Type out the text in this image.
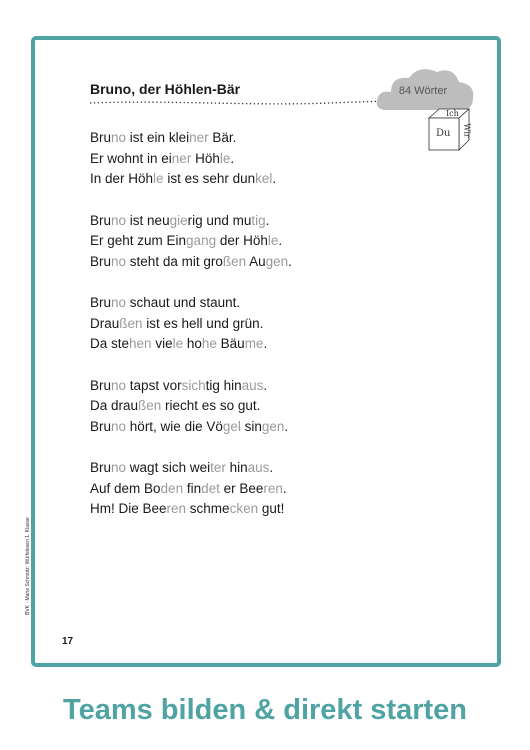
Bruno, der Höhlen-Bär	84 Wörter
Ich
Du Wir
Bruno ist ein kleiner Bär.
Er wohnt in einer Höhle.
In der Höhle ist es sehr dunkel.
Bruno ist neugierig und mutig.
Er geht zum Eingang der Höhle.
Bruno steht da mit großen Augen.
Bruno schaut und staunt.
Draußen ist es hell und grün.
Da stehen viele hohe Bäume.
Bruno tapst vorsichtig hinaus.
Da draußen riecht es so gut.
Bruno hört, wie die Vögel singen.
Bruno wagt sich weiter hinaus.
Auf dem Boden findet er Beeren.
Hm! Die Beeren schmecken gut!
BVK · Maria Schmotz: Würfelesen 1. Klasse
17
Teams bilden & direkt starten
